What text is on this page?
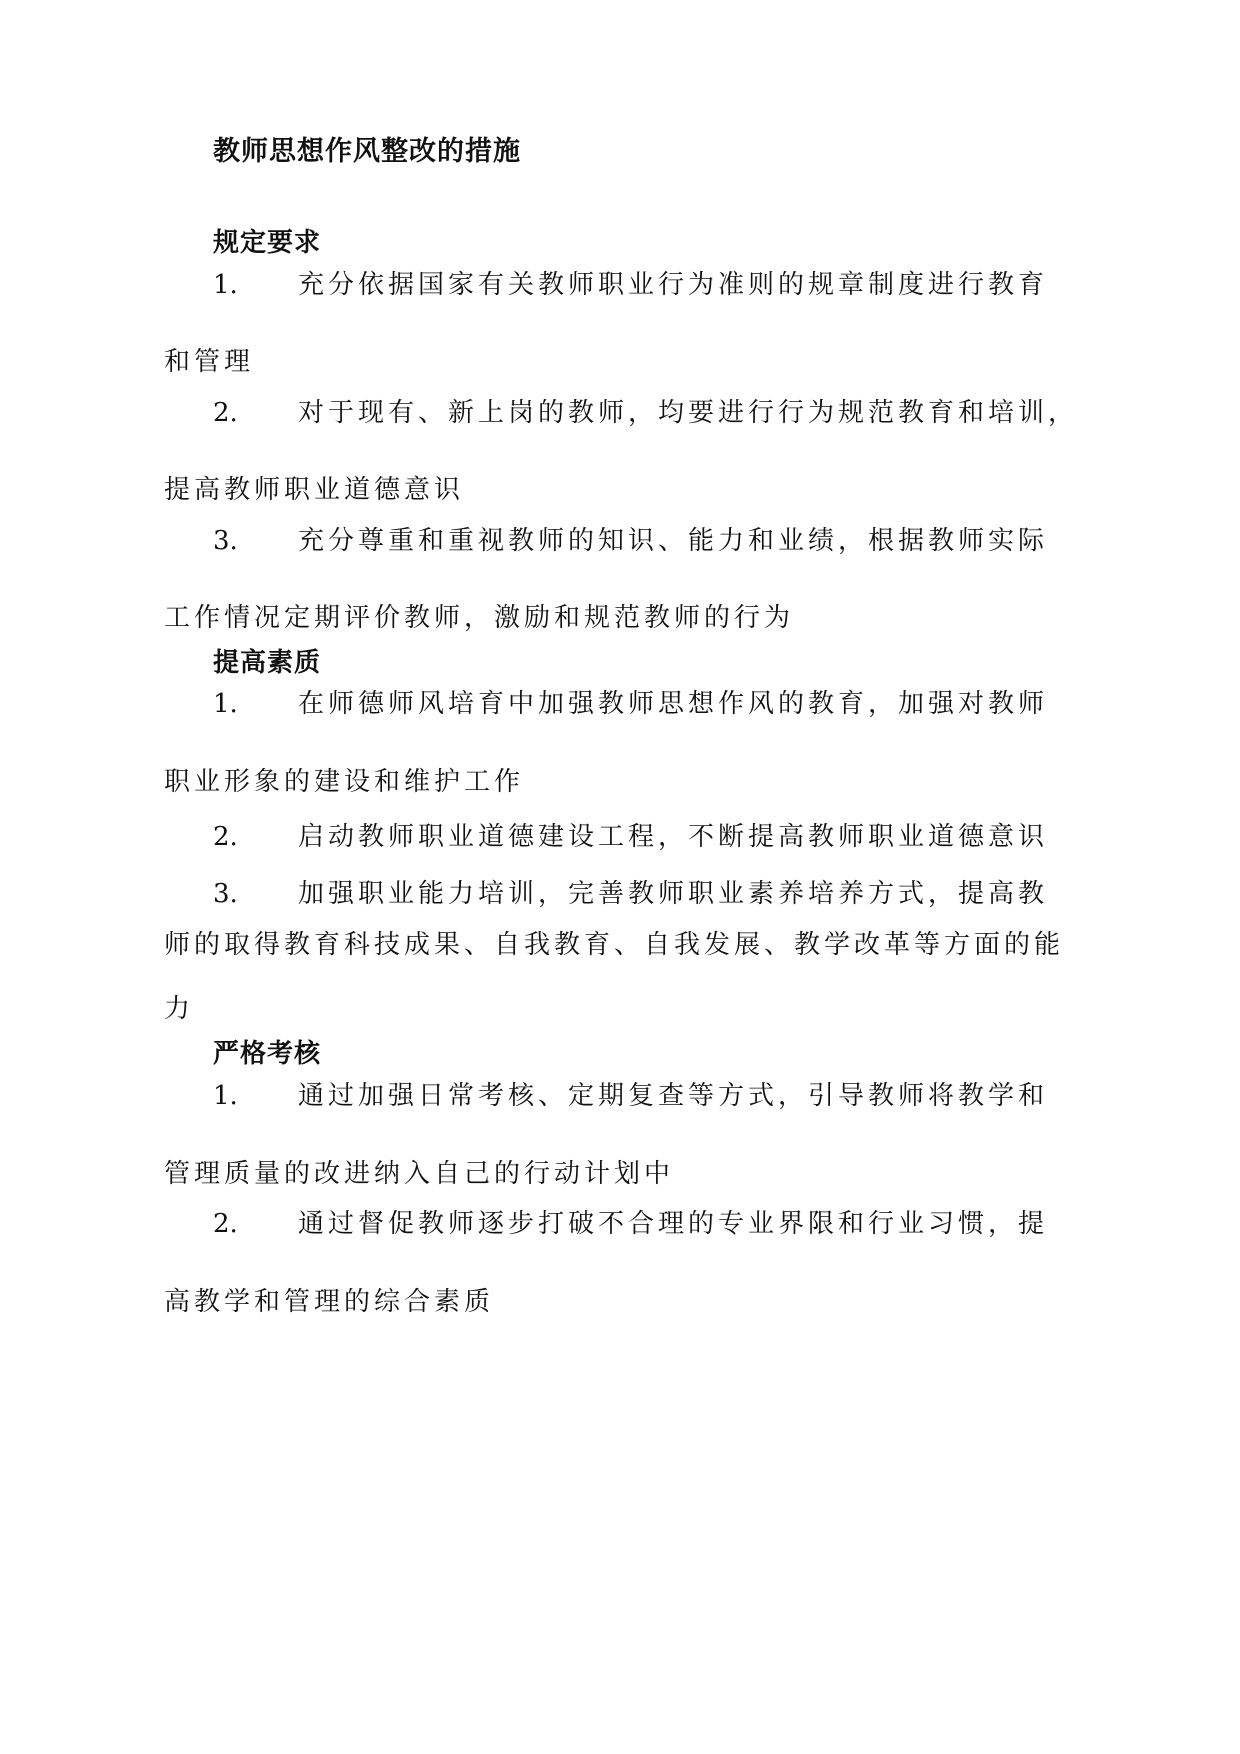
教师思想作风整改的措施
规定要求
1. 充分依据国家有关教师职业行为准则的规章制度进行教育
和管理
2. 对于现有、新上岗的教师，均要进行行为规范教育和培训，
提高教师职业道德意识
3. 充分尊重和重视教师的知识、能力和业绩，根据教师实际
工作情况定期评价教师，激励和规范教师的行为
提高素质
1. 在师德师风培育中加强教师思想作风的教育，加强对教师
职业形象的建设和维护工作
2. 启动教师职业道德建设工程，不断提高教师职业道德意识
3. 加强职业能力培训，完善教师职业素养培养方式，提高教
师的取得教育科技成果、自我教育、自我发展、教学改革等方面的能
力
严格考核
1. 通过加强日常考核、定期复查等方式，引导教师将教学和
管理质量的改进纳入自己的行动计划中
2. 通过督促教师逐步打破不合理的专业界限和行业习惯，提
高教学和管理的综合素质
